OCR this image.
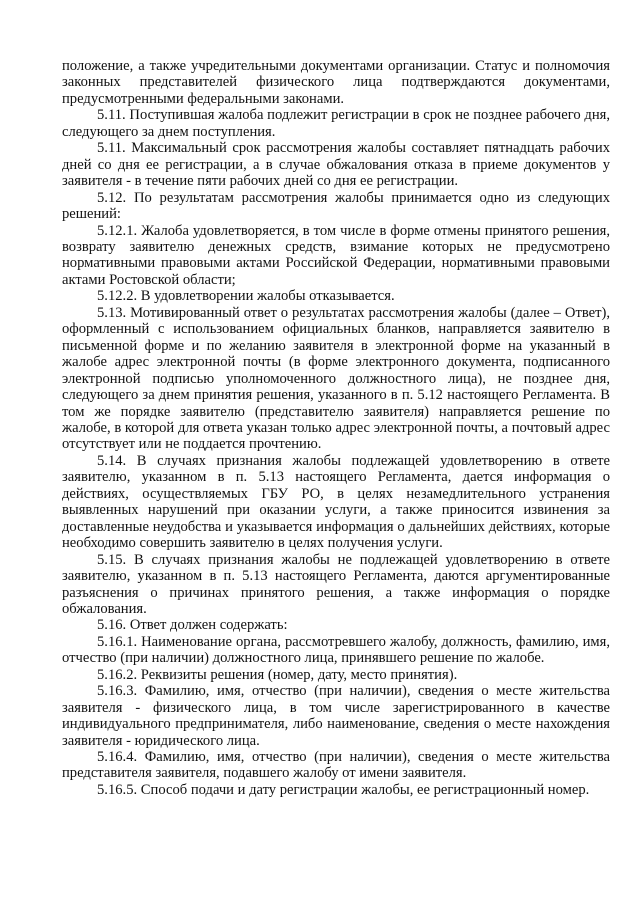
положение, а также учредительными документами организации. Статус и полномочия законных представителей физического лица подтверждаются документами, предусмотренными федеральными законами.

5.11. Поступившая жалоба подлежит регистрации в срок не позднее рабочего дня, следующего за днем поступления.

5.11. Максимальный срок рассмотрения жалобы составляет пятнадцать рабочих дней со дня ее регистрации, а в случае обжалования отказа в приеме документов у заявителя - в течение пяти рабочих дней со дня ее регистрации.

5.12. По результатам рассмотрения жалобы принимается одно из следующих решений:

5.12.1. Жалоба удовлетворяется, в том числе в форме отмены принятого решения, возврату заявителю денежных средств, взимание которых не предусмотрено нормативными правовыми актами Российской Федерации, нормативными правовыми актами Ростовской области;

5.12.2. В удовлетворении жалобы отказывается.

5.13. Мотивированный ответ о результатах рассмотрения жалобы (далее – Ответ), оформленный с использованием официальных бланков, направляется заявителю в письменной форме и по желанию заявителя в электронной форме на указанный в жалобе адрес электронной почты (в форме электронного документа, подписанного электронной подписью уполномоченного должностного лица), не позднее дня, следующего за днем принятия решения, указанного в п. 5.12 настоящего Регламента. В том же порядке заявителю (представителю заявителя) направляется решение по жалобе, в которой для ответа указан только адрес электронной почты, а почтовый адрес отсутствует или не поддается прочтению.

5.14. В случаях признания жалобы подлежащей удовлетворению в ответе заявителю, указанном в п. 5.13 настоящего Регламента, дается информация о действиях, осуществляемых ГБУ РО, в целях незамедлительного устранения выявленных нарушений при оказании услуги, а также приносится извинения за доставленные неудобства и указывается информация о дальнейших действиях, которые необходимо совершить заявителю в целях получения услуги.

5.15. В случаях признания жалобы не подлежащей удовлетворению в ответе заявителю, указанном в п. 5.13 настоящего Регламента, даются аргументированные разъяснения о причинах принятого решения, а также информация о порядке обжалования.

5.16. Ответ должен содержать:

5.16.1. Наименование органа, рассмотревшего жалобу, должность, фамилию, имя, отчество (при наличии) должностного лица, принявшего решение по жалобе.

5.16.2. Реквизиты решения (номер, дату, место принятия).

5.16.3. Фамилию, имя, отчество (при наличии), сведения о месте жительства заявителя - физического лица, в том числе зарегистрированного в качестве индивидуального предпринимателя, либо наименование, сведения о месте нахождения заявителя - юридического лица.

5.16.4. Фамилию, имя, отчество (при наличии), сведения о месте жительства представителя заявителя, подавшего жалобу от имени заявителя.

5.16.5. Способ подачи и дату регистрации жалобы, ее регистрационный номер.
